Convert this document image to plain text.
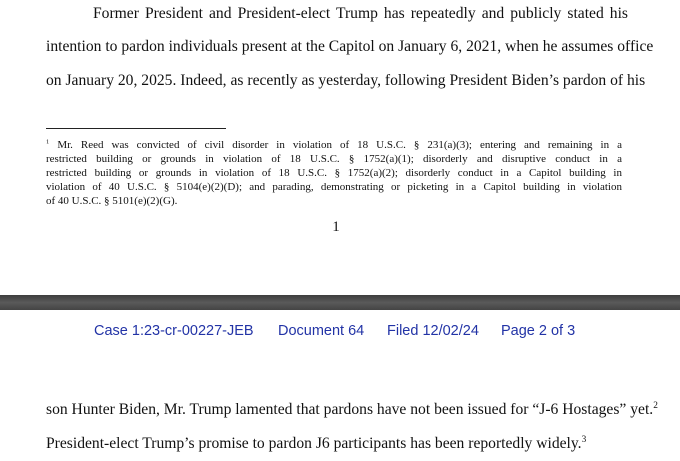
Former President and President-elect Trump has repeatedly and publicly stated his
intention to pardon individuals present at the Capitol on January 6, 2021, when he assumes office
on January 20, 2025. Indeed, as recently as yesterday, following President Biden’s pardon of his
$^1$ Mr. Reed was convicted of civil disorder in violation of 18 U.S.C. § 231(a)(3); entering and remaining in a
restricted building or grounds in violation of 18 U.S.C. § 1752(a)(1); disorderly and disruptive conduct in a
restricted building or grounds in violation of 18 U.S.C. § 1752(a)(2); disorderly conduct in a Capitol building in
violation of 40 U.S.C. § 5104(e)(2)(D); and parading, demonstrating or picketing in a Capitol building in violation
of 40 U.S.C. § 5101(e)(2)(G).
1
Case 1:23-cr-00227-JEB Document 64 Filed 12/02/24 Page 2 of 3
son Hunter Biden, Mr. Trump lamented that pardons have not been issued for “J-6 Hostages” yet.$^2$
President-elect Trump’s promise to pardon J6 participants has been reportedly widely.$^3$
